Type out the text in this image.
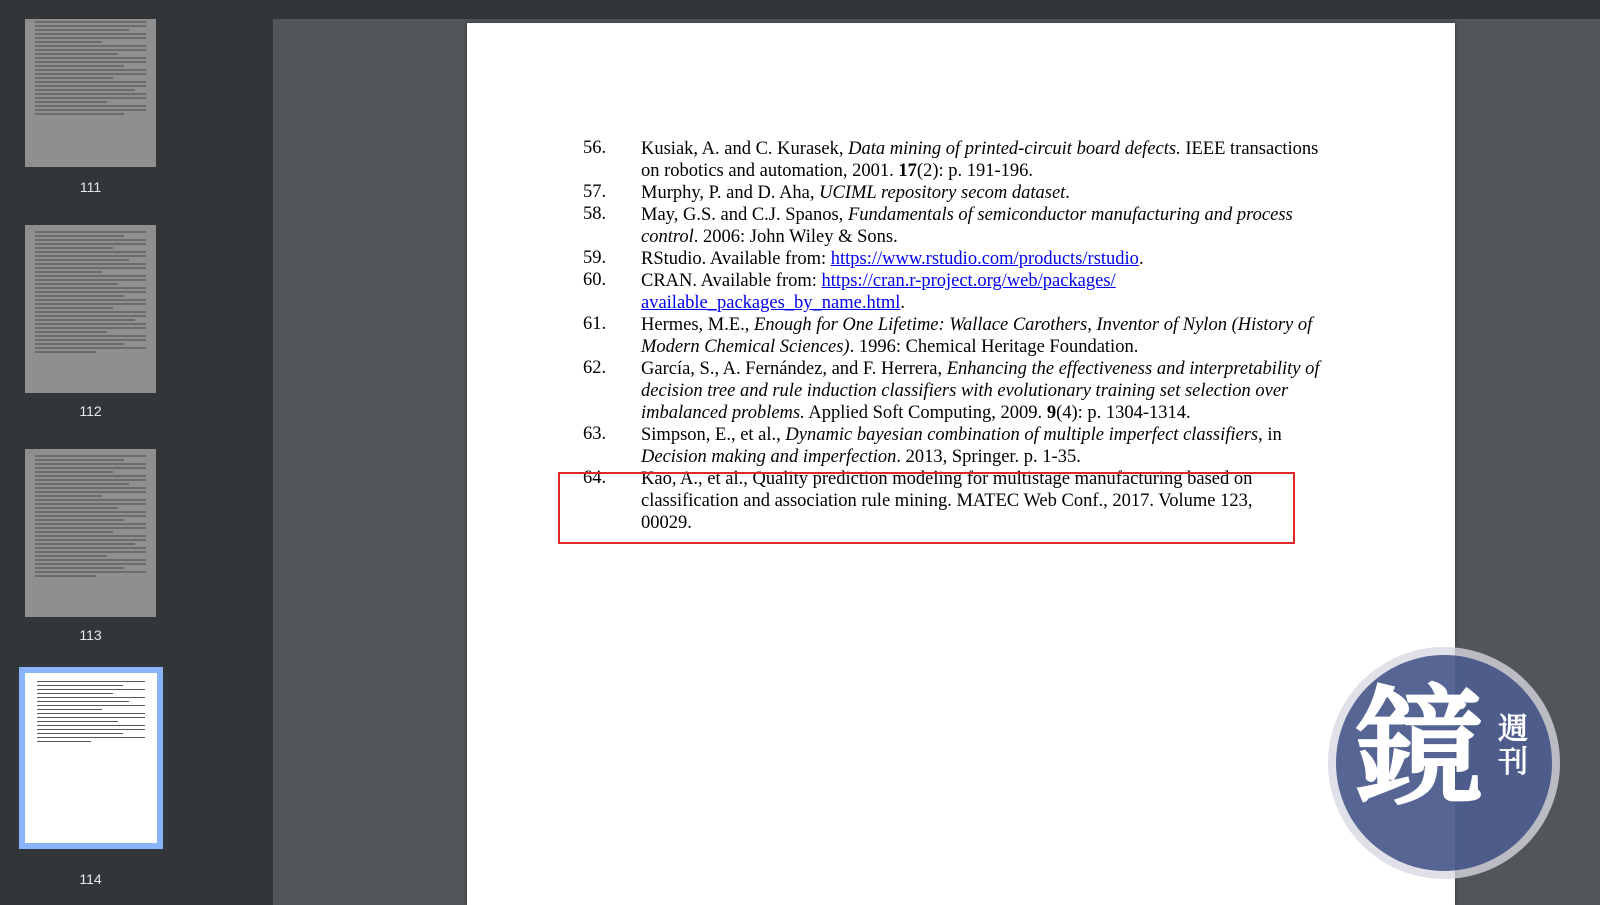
111
112
113
114
56. Kusiak, A. and C. Kurasek, Data mining of printed-circuit board defects. IEEE transactions on robotics and automation, 2001. 17(2): p. 191-196.
57. Murphy, P. and D. Aha, UCIML repository secom dataset.
58. May, G.S. and C.J. Spanos, Fundamentals of semiconductor manufacturing and process control. 2006: John Wiley & Sons.
59. RStudio. Available from: https://www.rstudio.com/products/rstudio.
60. CRAN. Available from: https://cran.r-project.org/web/packages/available_packages_by_name.html.
61. Hermes, M.E., Enough for One Lifetime: Wallace Carothers, Inventor of Nylon (History of Modern Chemical Sciences). 1996: Chemical Heritage Foundation.
62. García, S., A. Fernández, and F. Herrera, Enhancing the effectiveness and interpretability of decision tree and rule induction classifiers with evolutionary training set selection over imbalanced problems. Applied Soft Computing, 2009. 9(4): p. 1304-1314.
63. Simpson, E., et al., Dynamic bayesian combination of multiple imperfect classifiers, in Decision making and imperfection. 2013, Springer. p. 1-35.
64. Kao, A., et al., Quality prediction modeling for multistage manufacturing based on classification and association rule mining. MATEC Web Conf., 2017. Volume 123, 00029.
鏡 週刊
